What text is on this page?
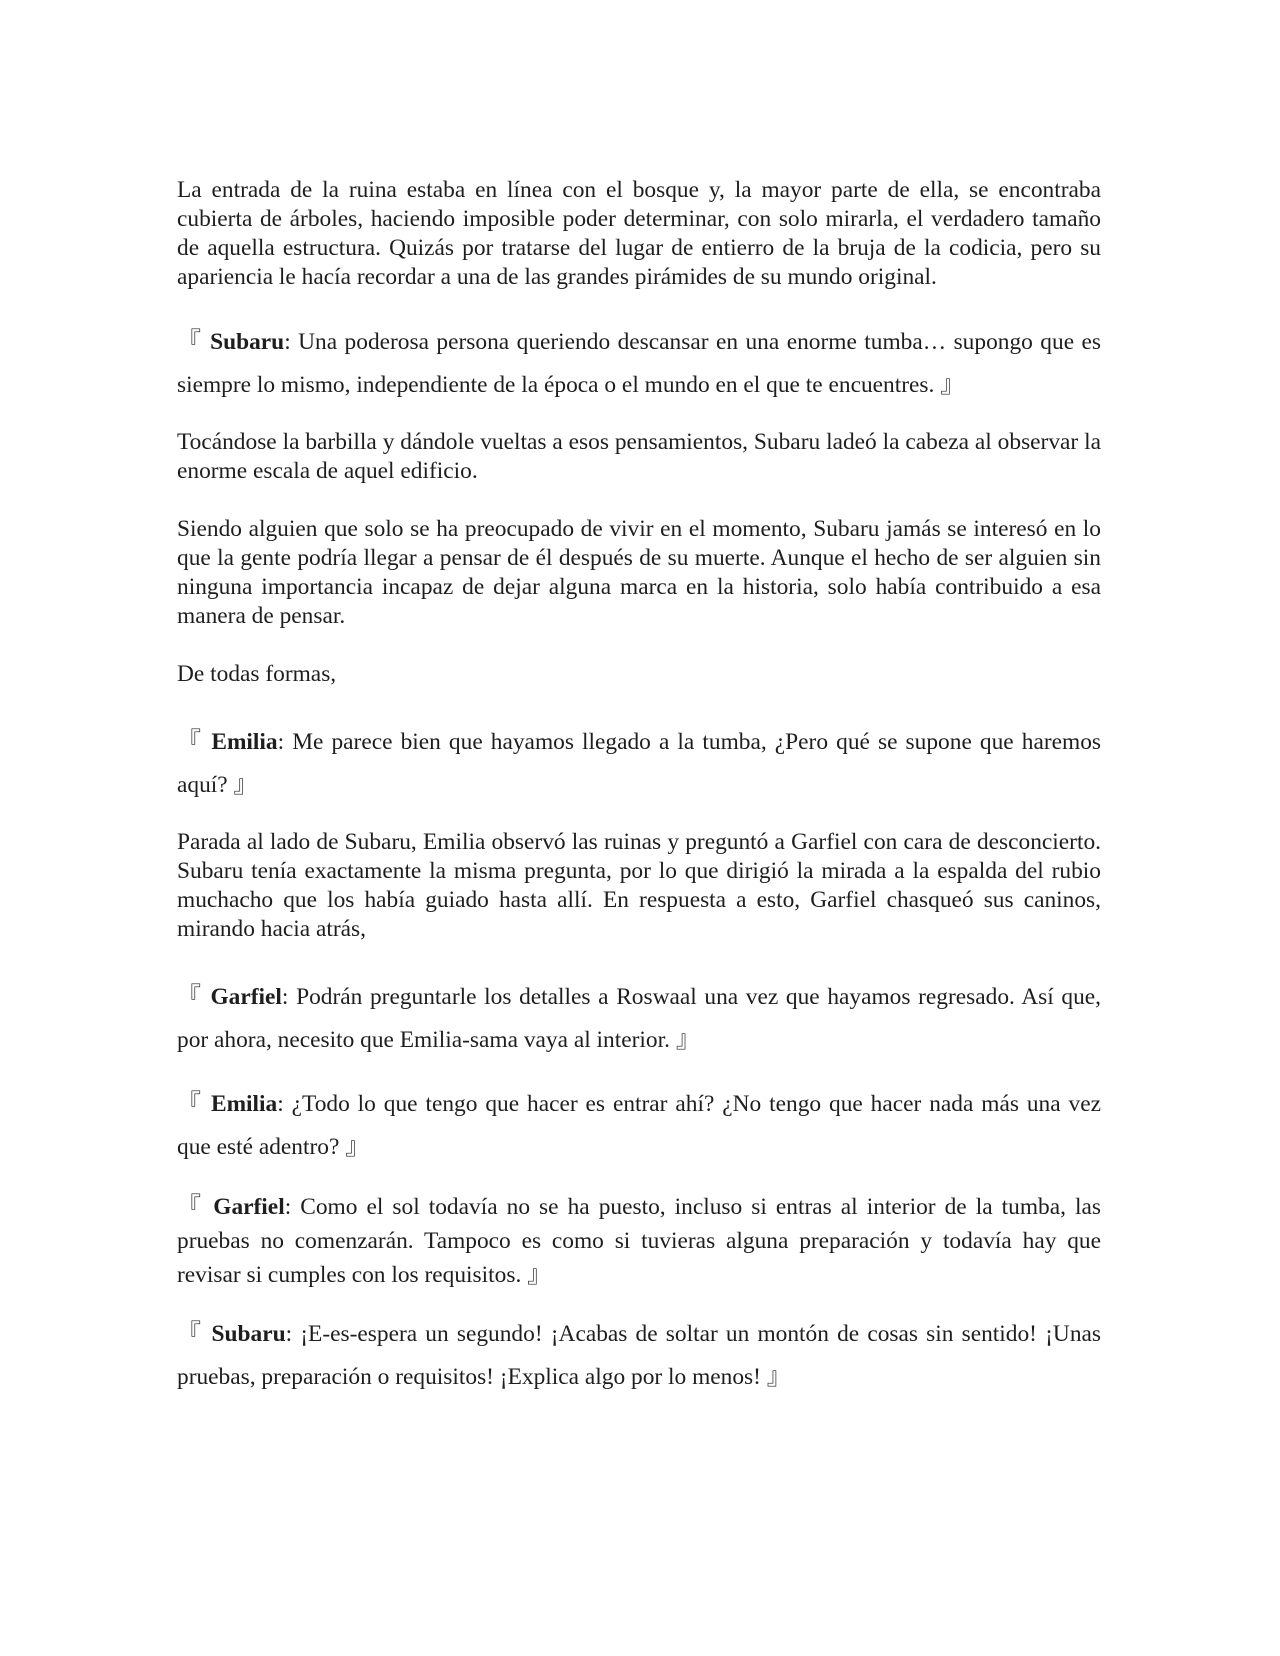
La entrada de la ruina estaba en línea con el bosque y, la mayor parte de ella, se encontraba cubierta de árboles, haciendo imposible poder determinar, con solo mirarla, el verdadero tamaño de aquella estructura. Quizás por tratarse del lugar de entierro de la bruja de la codicia, pero su apariencia le hacía recordar a una de las grandes pirámides de su mundo original.

『 Subaru: Una poderosa persona queriendo descansar en una enorme tumba… supongo que es siempre lo mismo, independiente de la época o el mundo en el que te encuentres. 』

Tocándose la barbilla y dándole vueltas a esos pensamientos, Subaru ladeó la cabeza al observar la enorme escala de aquel edificio.

Siendo alguien que solo se ha preocupado de vivir en el momento, Subaru jamás se interesó en lo que la gente podría llegar a pensar de él después de su muerte. Aunque el hecho de ser alguien sin ninguna importancia incapaz de dejar alguna marca en la historia, solo había contribuido a esa manera de pensar.

De todas formas,

『 Emilia: Me parece bien que hayamos llegado a la tumba, ¿Pero qué se supone que haremos aquí? 』

Parada al lado de Subaru, Emilia observó las ruinas y preguntó a Garfiel con cara de desconcierto. Subaru tenía exactamente la misma pregunta, por lo que dirigió la mirada a la espalda del rubio muchacho que los había guiado hasta allí. En respuesta a esto, Garfiel chasqueó sus caninos, mirando hacia atrás,

『 Garfiel: Podrán preguntarle los detalles a Roswaal una vez que hayamos regresado. Así que, por ahora, necesito que Emilia-sama vaya al interior. 』

『 Emilia: ¿Todo lo que tengo que hacer es entrar ahí? ¿No tengo que hacer nada más una vez que esté adentro? 』

『 Garfiel: Como el sol todavía no se ha puesto, incluso si entras al interior de la tumba, las pruebas no comenzarán. Tampoco es como si tuvieras alguna preparación y todavía hay que revisar si cumples con los requisitos. 』

『 Subaru: ¡E-es-espera un segundo! ¡Acabas de soltar un montón de cosas sin sentido! ¡Unas pruebas, preparación o requisitos! ¡Explica algo por lo menos! 』
